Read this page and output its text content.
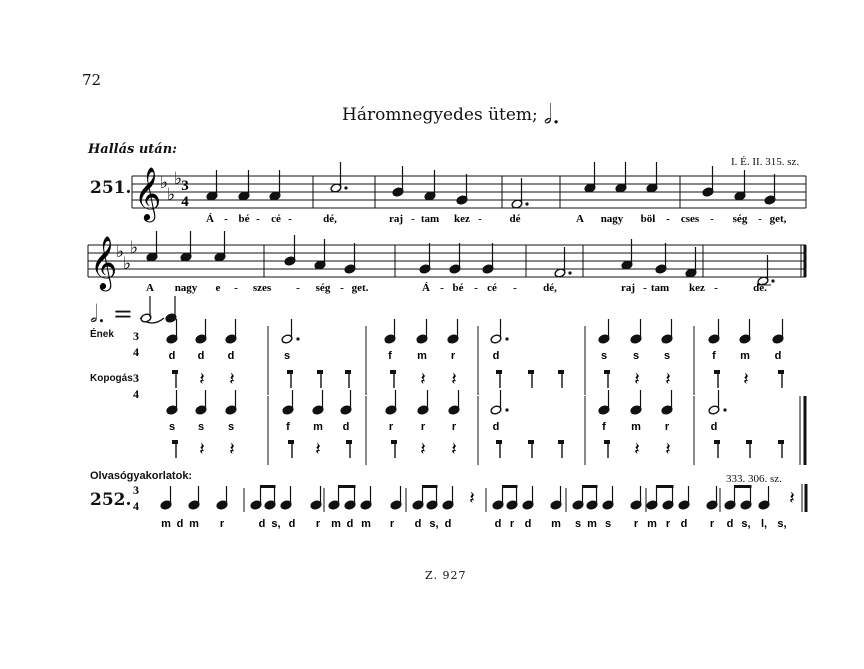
72
Háromnegyedes ütem; 𝅗𝅥.
Hallás után:
I. É. II. 315. sz.
251.
Ének
Kopogás
Olvasógyakorlatok:	333. 306. sz.
252.
𝅗𝅥. =
Z. 927
𝄞
♭
♭
♭ 3
4
Á - bé - cé -	dé,	raj - tam kez -	dé	A nagy böl - cses - ség - get,
𝄞
♭
♭
♭
A nagy e - szes - ség - get.	Á - bé - cé - dé,	raj - tam kez -	dé.
3
4
3
4
d d d	s	f m r	d	s s s	f m d
𝄽 𝄽	𝄽 𝄽	𝄽 𝄽	𝄽
s s s	f m d	r	r r	d	f m r	d
𝄽 𝄽	𝄽	𝄽 𝄽	𝄽 𝄽
3
4	𝄽	𝄽
m d m r	d s, d r m d m r d s, d	d r d m s m s r m r d r d s, l, s,
